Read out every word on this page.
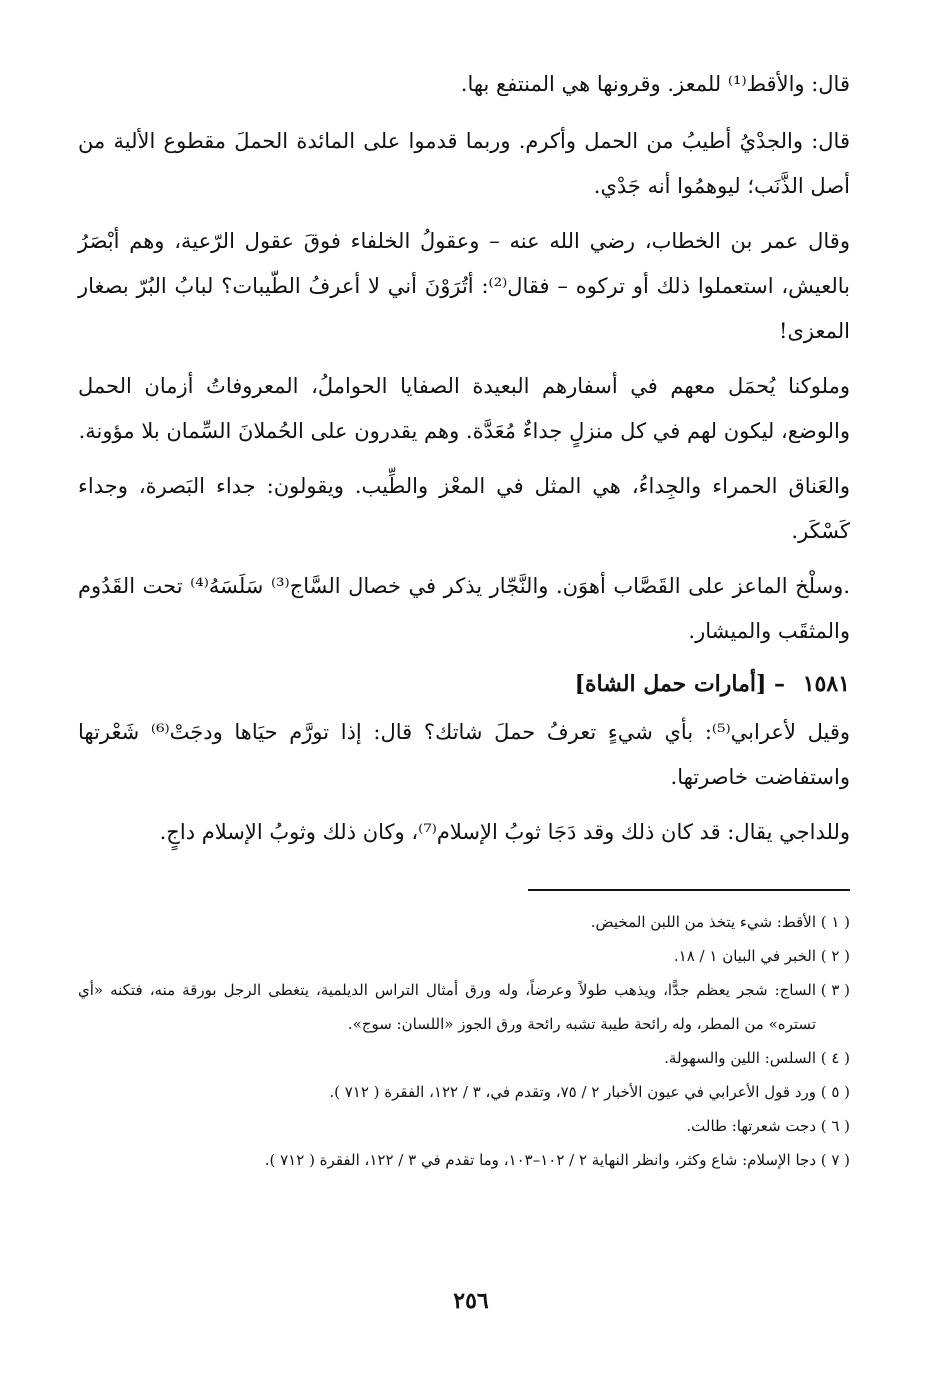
قال: والأقط⁽¹⁾ للمعز. وقرونها هي المنتفع بها.

قال: والجدْيُ أطيبُ من الحمل وأكرم. وربما قدموا على المائدة الحملَ مقطوع الألية من أصل الذَّنَب؛ ليوهمُوا أنه جَدْي.

وقال عمر بن الخطاب، رضي الله عنه – وعقولُ الخلفاء فوقَ عقول الرّعية، وهم أبْصَرُ بالعيش، استعملوا ذلك أو تركوه – فقال⁽²⁾: أتُرَوْنَ أني لا أعرفُ الطّيبات؟ لبابُ البُرّ بصغار المعزى!

وملوكنا يُحمَل معهم في أسفارهم البعيدة الصفايا الحواملُ، المعروفاتُ أزمان الحمل والوضع، ليكون لهم في كل منزلٍ جداءٌ مُعَدَّة. وهم يقدرون على الحُملانَ السِّمان بلا مؤونة.

والعَناق الحمراء والجِداءُ، هي المثل في المعْز والطِّيب. ويقولون: جداء البَصرة، وجداء كَسْكَر.

.وسلْخ الماعز على القَصَّاب أهوَن. والنَّجّار يذكر في خصال السَّاج⁽³⁾ سَلَسَهُ⁽⁴⁾ تحت القَدُوم والمثقَب والميشار.

١٥٨١ – [أمارات حمل الشاة]

وقيل لأعرابي⁽⁵⁾: بأي شيءٍ تعرفُ حملَ شاتك؟ قال: إذا تورَّم حيَاها ودجَتْ⁽⁶⁾ شَعْرتها واستفاضت خاصرتها.

وللداجي يقال: قد كان ذلك وقد دَجَا ثوبُ الإسلام⁽⁷⁾، وكان ذلك وثوبُ الإسلام داجٍ.

( ١ )الأقط: شيء يتخذ من اللبن المخيض.

( ٢ )الخبر في البيان ١ / ١٨.

( ٣ )الساج: شجر يعظم جدًّا، ويذهب طولاً وعرضاً، وله ورق أمثال التراس الديلمية، يتغطى الرجل بورقة منه، فتكنه «أي تستره» من المطر، وله رائحة طيبة تشبه رائحة ورق الجوز «اللسان: سوج».

( ٤ )السلس: اللين والسهولة.

( ٥ )ورد قول الأعرابي في عيون الأخبار ٢ / ٧٥، وتقدم في، ٣ / ١٢٢، الفقرة ( ٧١٢ ).

( ٦ )دجت شعرتها: طالت.

( ٧ )دجا الإسلام: شاع وكثر، وانظر النهاية ٢ / ١٠٢–١٠٣، وما تقدم في ٣ / ١٢٢، الفقرة ( ٧١٢ ).

٢٥٦
